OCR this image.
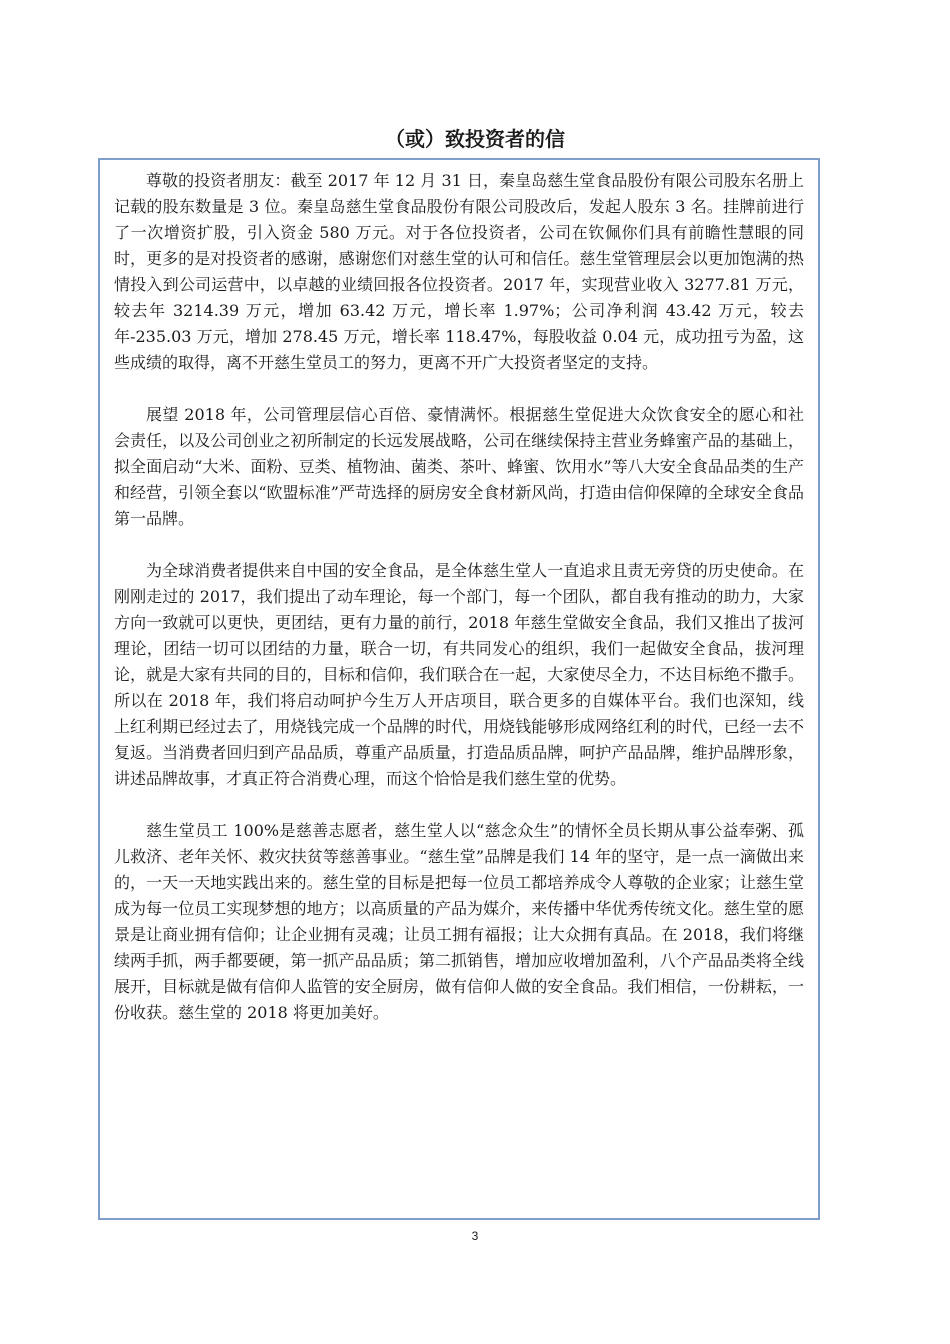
（或）致投资者的信

尊敬的投资者朋友：截至 2017 年 12 月 31 日，秦皇岛慈生堂食品股份有限公司股东名册上记载的股东数量是 3 位。秦皇岛慈生堂食品股份有限公司股改后，发起人股东 3 名。挂牌前进行了一次增资扩股，引入资金 580 万元。对于各位投资者，公司在钦佩你们具有前瞻性慧眼的同时，更多的是对投资者的感谢，感谢您们对慈生堂的认可和信任。慈生堂管理层会以更加饱满的热情投入到公司运营中，以卓越的业绩回报各位投资者。2017 年，实现营业收入 3277.81 万元，较去年 3214.39 万元，增加 63.42 万元，增长率 1.97%；公司净利润 43.42 万元，较去年-235.03 万元，增加 278.45 万元，增长率 118.47%，每股收益 0.04 元，成功扭亏为盈，这些成绩的取得，离不开慈生堂员工的努力，更离不开广大投资者坚定的支持。

展望 2018 年，公司管理层信心百倍、豪情满怀。根据慈生堂促进大众饮食安全的愿心和社会责任，以及公司创业之初所制定的长远发展战略，公司在继续保持主营业务蜂蜜产品的基础上，拟全面启动“大米、面粉、豆类、植物油、菌类、茶叶、蜂蜜、饮用水”等八大安全食品品类的生产和经营，引领全套以“欧盟标准”严苛选择的厨房安全食材新风尚，打造由信仰保障的全球安全食品第一品牌。

为全球消费者提供来自中国的安全食品，是全体慈生堂人一直追求且责无旁贷的历史使命。在刚刚走过的 2017，我们提出了动车理论，每一个部门，每一个团队，都自我有推动的助力，大家方向一致就可以更快，更团结，更有力量的前行，2018 年慈生堂做安全食品，我们又推出了拔河理论，团结一切可以团结的力量，联合一切，有共同发心的组织，我们一起做安全食品，拔河理论，就是大家有共同的目的，目标和信仰，我们联合在一起，大家使尽全力，不达目标绝不撒手。所以在 2018 年，我们将启动呵护今生万人开店项目，联合更多的自媒体平台。我们也深知，线上红利期已经过去了，用烧钱完成一个品牌的时代，用烧钱能够形成网络红利的时代，已经一去不复返。当消费者回归到产品品质，尊重产品质量，打造品质品牌，呵护产品品牌，维护品牌形象，讲述品牌故事，才真正符合消费心理，而这个恰恰是我们慈生堂的优势。

慈生堂员工 100%是慈善志愿者，慈生堂人以“慈念众生”的情怀全员长期从事公益奉粥、孤儿救济、老年关怀、救灾扶贫等慈善事业。“慈生堂”品牌是我们 14 年的坚守，是一点一滴做出来的，一天一天地实践出来的。慈生堂的目标是把每一位员工都培养成令人尊敬的企业家；让慈生堂成为每一位员工实现梦想的地方；以高质量的产品为媒介，来传播中华优秀传统文化。慈生堂的愿景是让商业拥有信仰；让企业拥有灵魂；让员工拥有福报；让大众拥有真品。在 2018，我们将继续两手抓，两手都要硬，第一抓产品品质；第二抓销售，增加应收增加盈利，八个产品品类将全线展开，目标就是做有信仰人监管的安全厨房，做有信仰人做的安全食品。我们相信，一份耕耘，一份收获。慈生堂的 2018 将更加美好。

3
